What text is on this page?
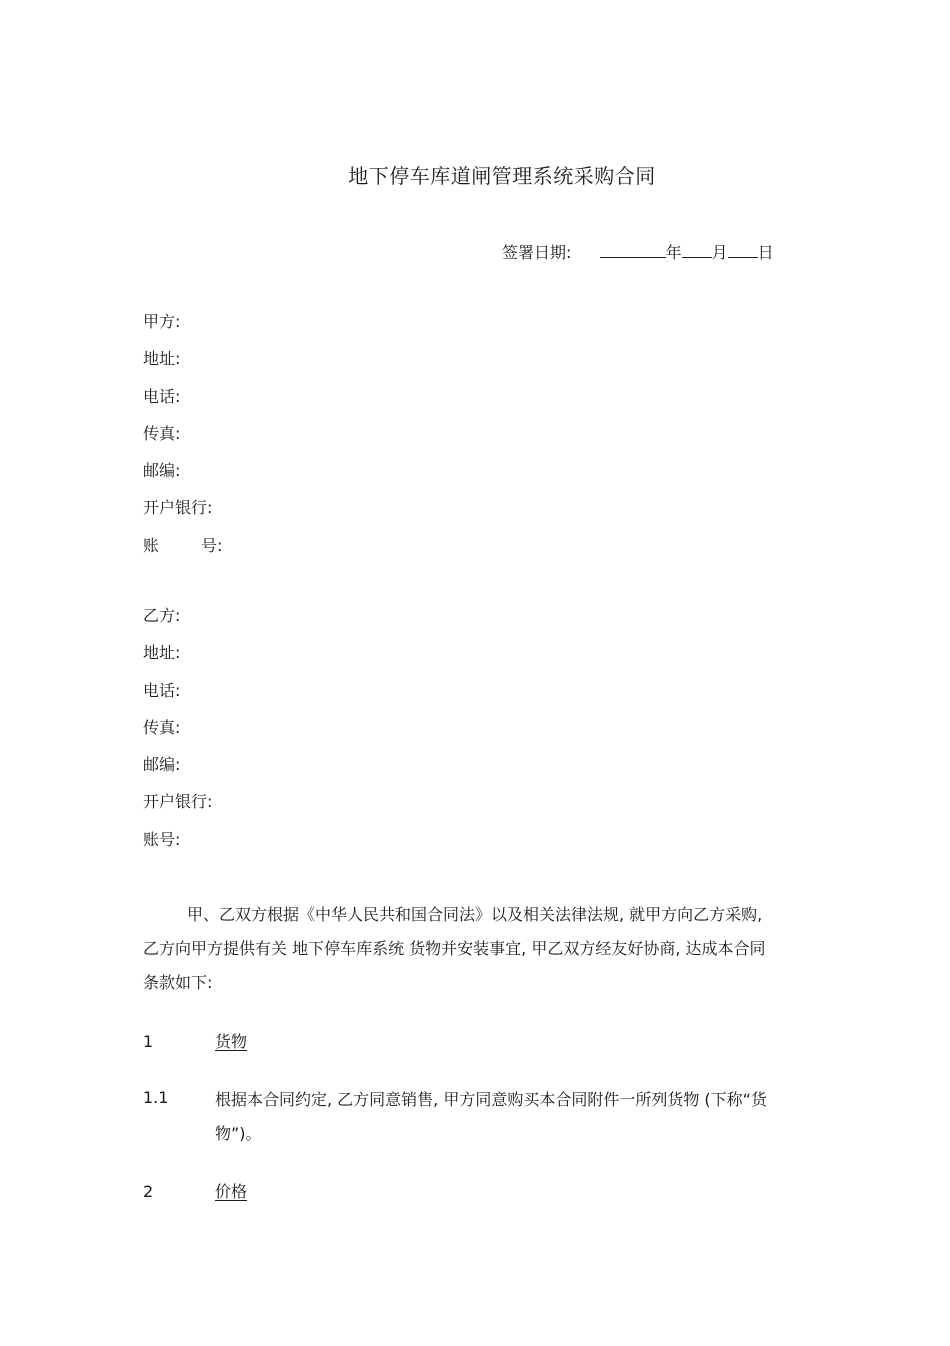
地下停车库道闸管理系统采购合同
签署日期:	年 月 日
甲方:
地址:
电话:
传真:
邮编:
开户银行:
账	号:
乙方:
地址:
电话:
传真:
邮编:
开户银行:
账号:
甲、乙双方根据《中华人民共和国合同法》以及相关法律法规, 就甲方向乙方采购,
乙方向甲方提供有关 地下停车库系统 货物并安装事宜, 甲乙双方经友好协商, 达成本合同
条款如下:
1	货物
1.1	根据本合同约定, 乙方同意销售, 甲方同意购买本合同附件一所列货物 (下称“货
物”)。
2	价格
